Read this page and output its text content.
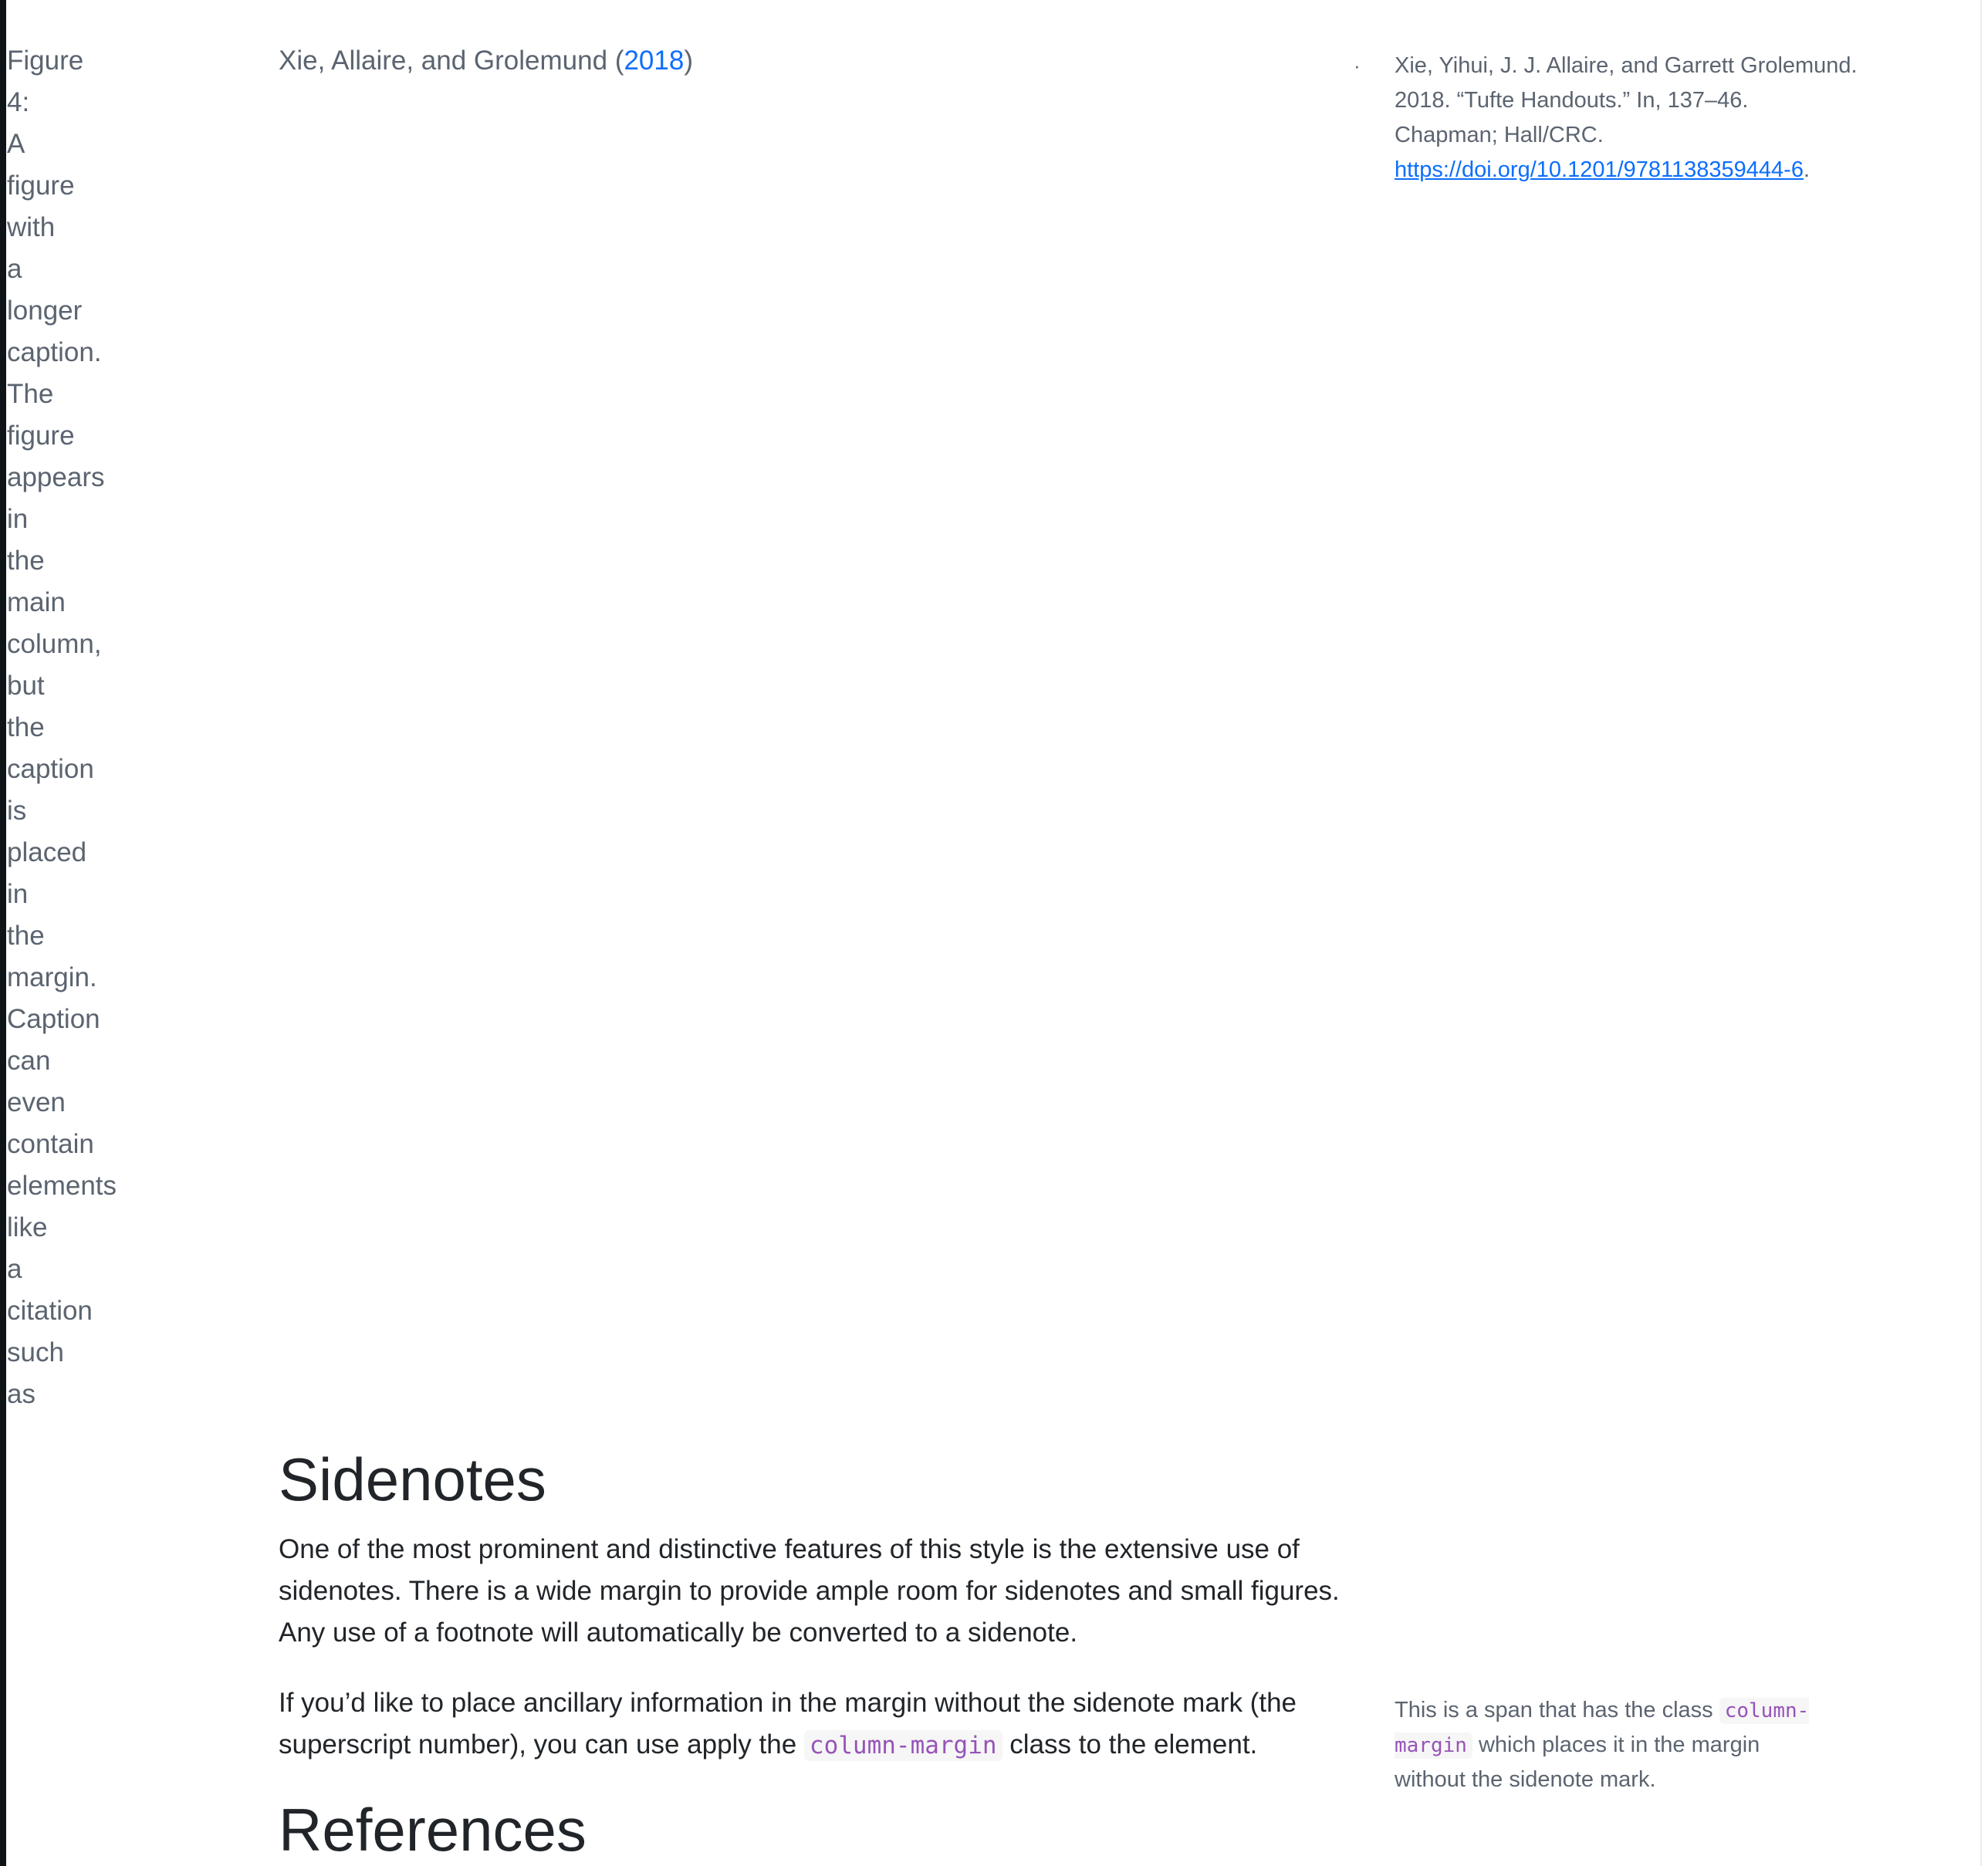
Figure 4: A figure with a longer caption. The figure appears in the main column, but the caption is placed in the margin. Caption can even contain elements like a citation such as
Xie, Allaire, and Grolemund (2018)	· Xie, Yihui, J. J. Allaire, and Garrett Grolemund. 2018. “Tufte Handouts.” In, 137–46. Chapman; Hall/CRC. https://doi.org/10.1201/9781138359444-6.
Sidenotes

One of the most prominent and distinctive features of this style is the extensive use of sidenotes. There is a wide margin to provide ample room for sidenotes and small figures. Any use of a footnote will automatically be converted to a sidenote.

If you’d like to place ancillary information in the margin without the sidenote mark (the superscript number), you can use apply the column-margin class to the element.

This is a span that has the class column-margin which places it in the margin without the sidenote mark.
References
